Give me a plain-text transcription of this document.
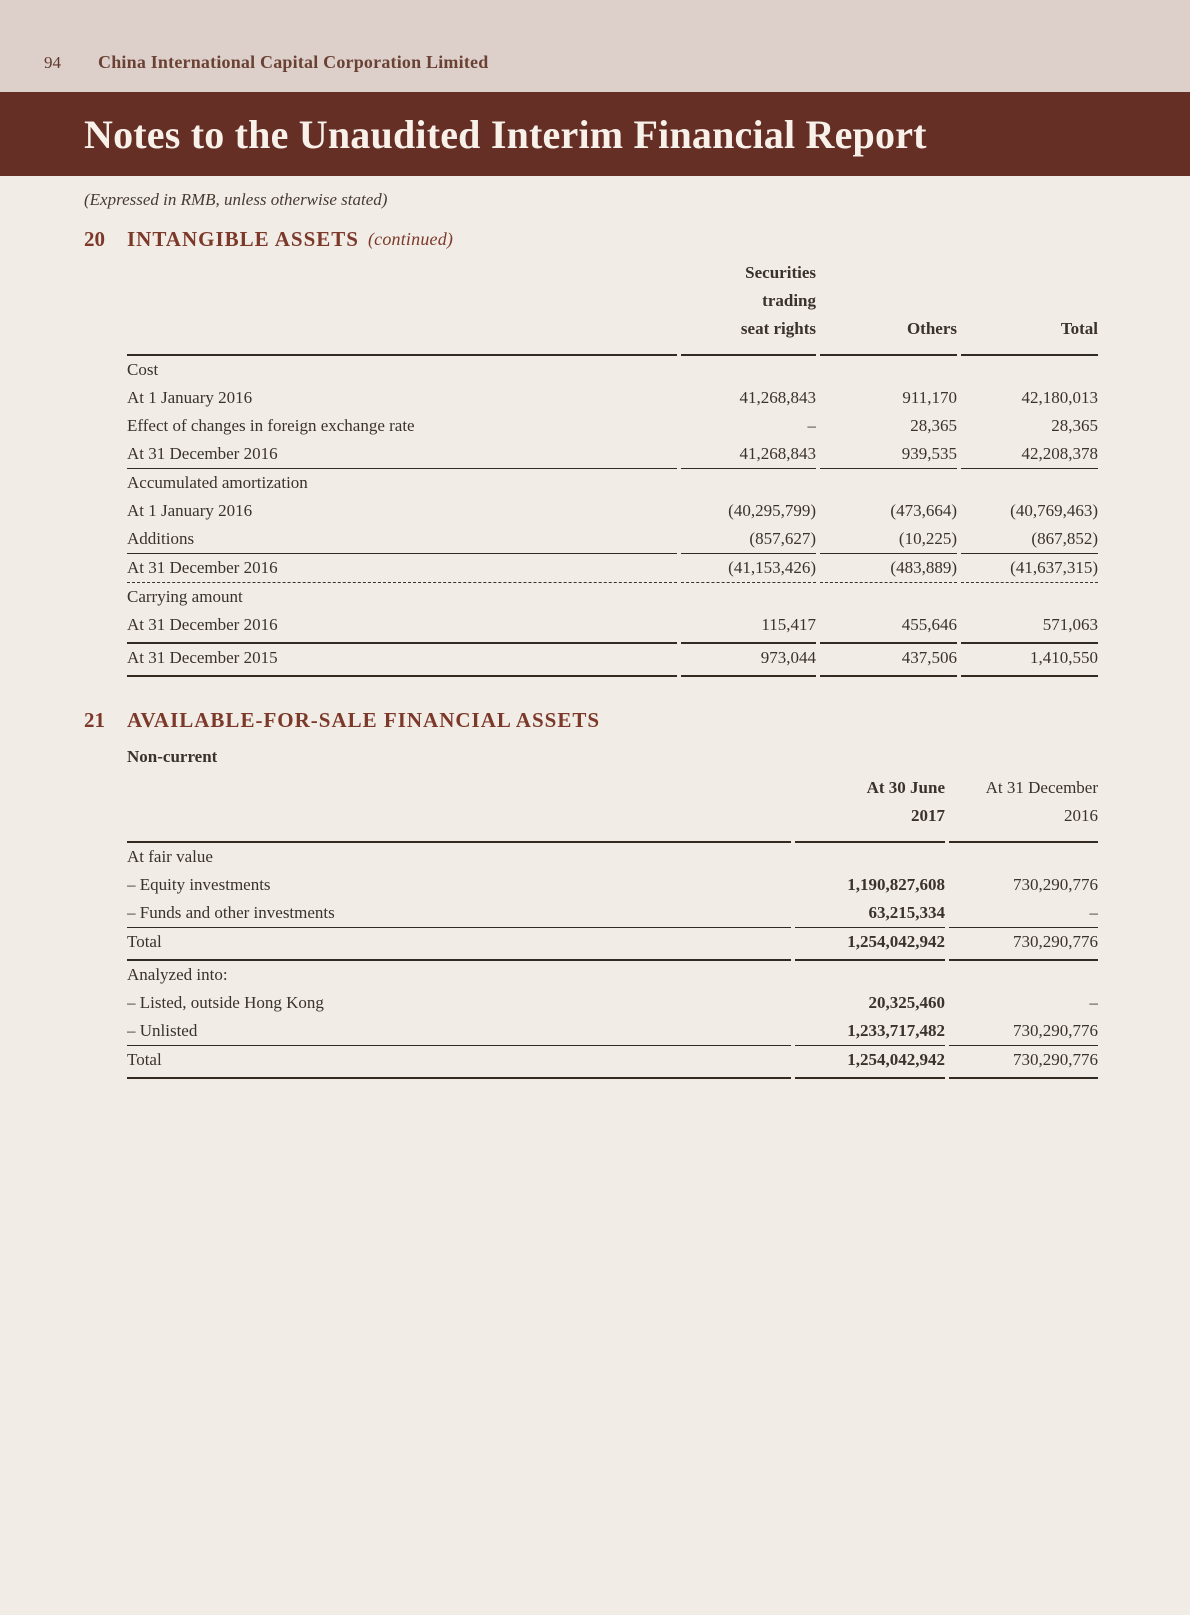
94 China International Capital Corporation Limited
Notes to the Unaudited Interim Financial Report
(Expressed in RMB, unless otherwise stated)
20	INTANGIBLE ASSETS (continued)
	Securities		
	trading		
	seat rights	Others	Total

Cost			
At 1 January 2016	41,268,843	911,170	42,180,013
Effect of changes in foreign exchange rate	–	28,365	28,365
At 31 December 2016	41,268,843	939,535	42,208,378

Accumulated amortization			
At 1 January 2016	(40,295,799)	(473,664)	(40,769,463)
Additions	(857,627)	(10,225)	(867,852)

At 31 December 2016	(41,153,426)	(483,889)	(41,637,315)

Carrying amount			
At 31 December 2016	115,417	455,646	571,063

At 31 December 2015	973,044	437,506	1,410,550
21	AVAILABLE-FOR-SALE FINANCIAL ASSETS
Non-current
	At 30 June	At 31 December
	2017	2016

At fair value		
– Equity investments	1,190,827,608	730,290,776
– Funds and other investments	63,215,334	–

Total	1,254,042,942	730,290,776

Analyzed into:		
– Listed, outside Hong Kong	20,325,460	–
– Unlisted	1,233,717,482	730,290,776

Total	1,254,042,942	730,290,776
